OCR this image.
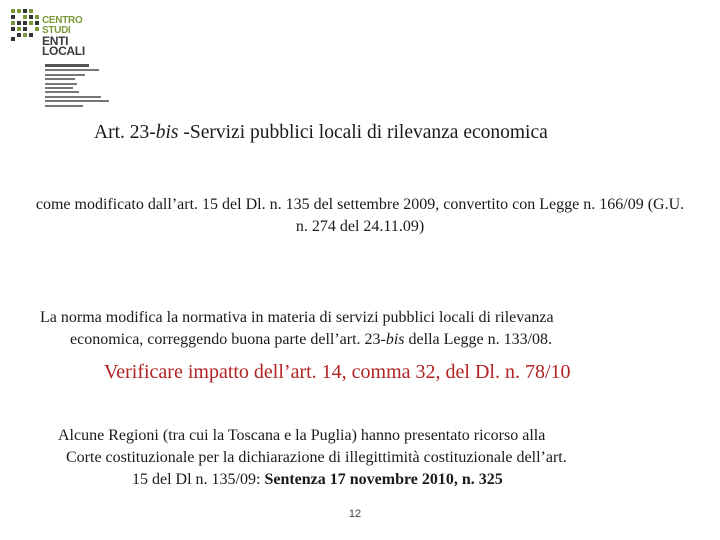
CENTRO
STUDI
ENTI
LOCALI
Art. 23-bis -Servizi pubblici locali di rilevanza economica
come modificato dall’art. 15 del Dl. n. 135 del settembre 2009, convertito con Legge n. 166/09 (G.U. n. 274 del 24.11.09)
La norma modifica la normativa in materia di servizi pubblici locali di rilevanza
economica, correggendo buona parte dell’art. 23-bis della Legge n. 133/08.
Verificare impatto dell’art. 14, comma 32, del Dl. n. 78/10
Alcune Regioni (tra cui la Toscana e la Puglia) hanno presentato ricorso alla
Corte costituzionale per la dichiarazione di illegittimità costituzionale dell’art.
15 del Dl n. 135/09: Sentenza 17 novembre 2010, n. 325
12
